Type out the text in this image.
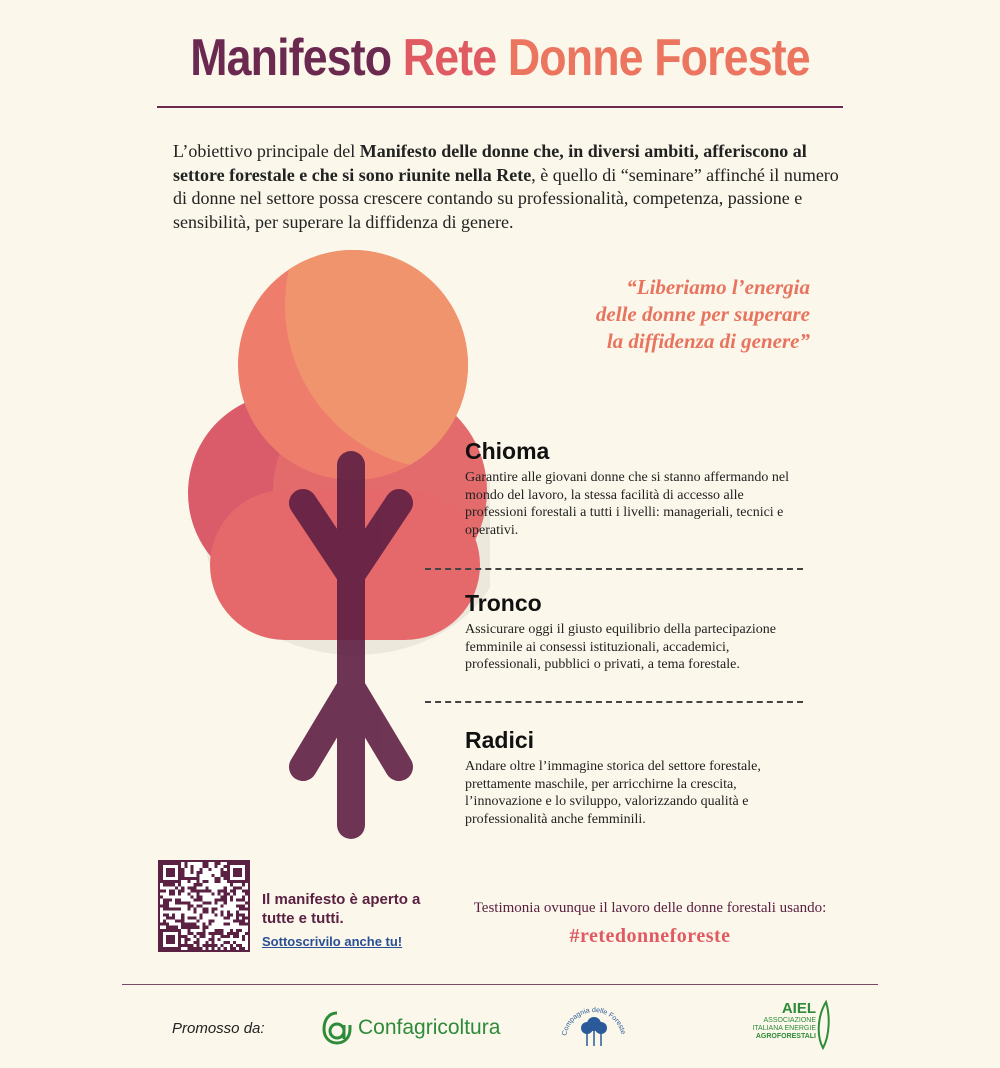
Manifesto Rete Donne Foreste
L’obiettivo principale del Manifesto delle donne che, in diversi ambiti, afferiscono al settore forestale e che si sono riunite nella Rete, è quello di “seminare” affinché il numero di donne nel settore possa crescere contando su professionalità, competenza, passione e sensibilità, per superare la diffidenza di genere.
“Liberiamo l’energia
delle donne per superare
la diffidenza di genere”
Chioma
Garantire alle giovani donne che si stanno affermando nel mondo del lavoro, la stessa facilità di accesso alle professioni forestali a tutti i livelli: manageriali, tecnici e operativi.
Tronco
Assicurare oggi il giusto equilibrio della partecipazione femminile ai consessi istituzionali, accademici, professionali, pubblici o privati, a tema forestale.
Radici
Andare oltre l’immagine storica del settore forestale, prettamente maschile, per arricchirne la crescita, l’innovazione e lo sviluppo, valorizzando qualità e professionalità anche femminili.
Il manifesto è aperto a tutte e tutti.
Sottoscrivilo anche tu!
Testimonia ovunque il lavoro delle donne forestali usando:
#retedonneforeste
Promosso da:	Confagricoltura	Compagnia delle Foreste
AIEL
ASSOCIAZIONE
ITALIANA ENERGIE
AGROFORESTALI
